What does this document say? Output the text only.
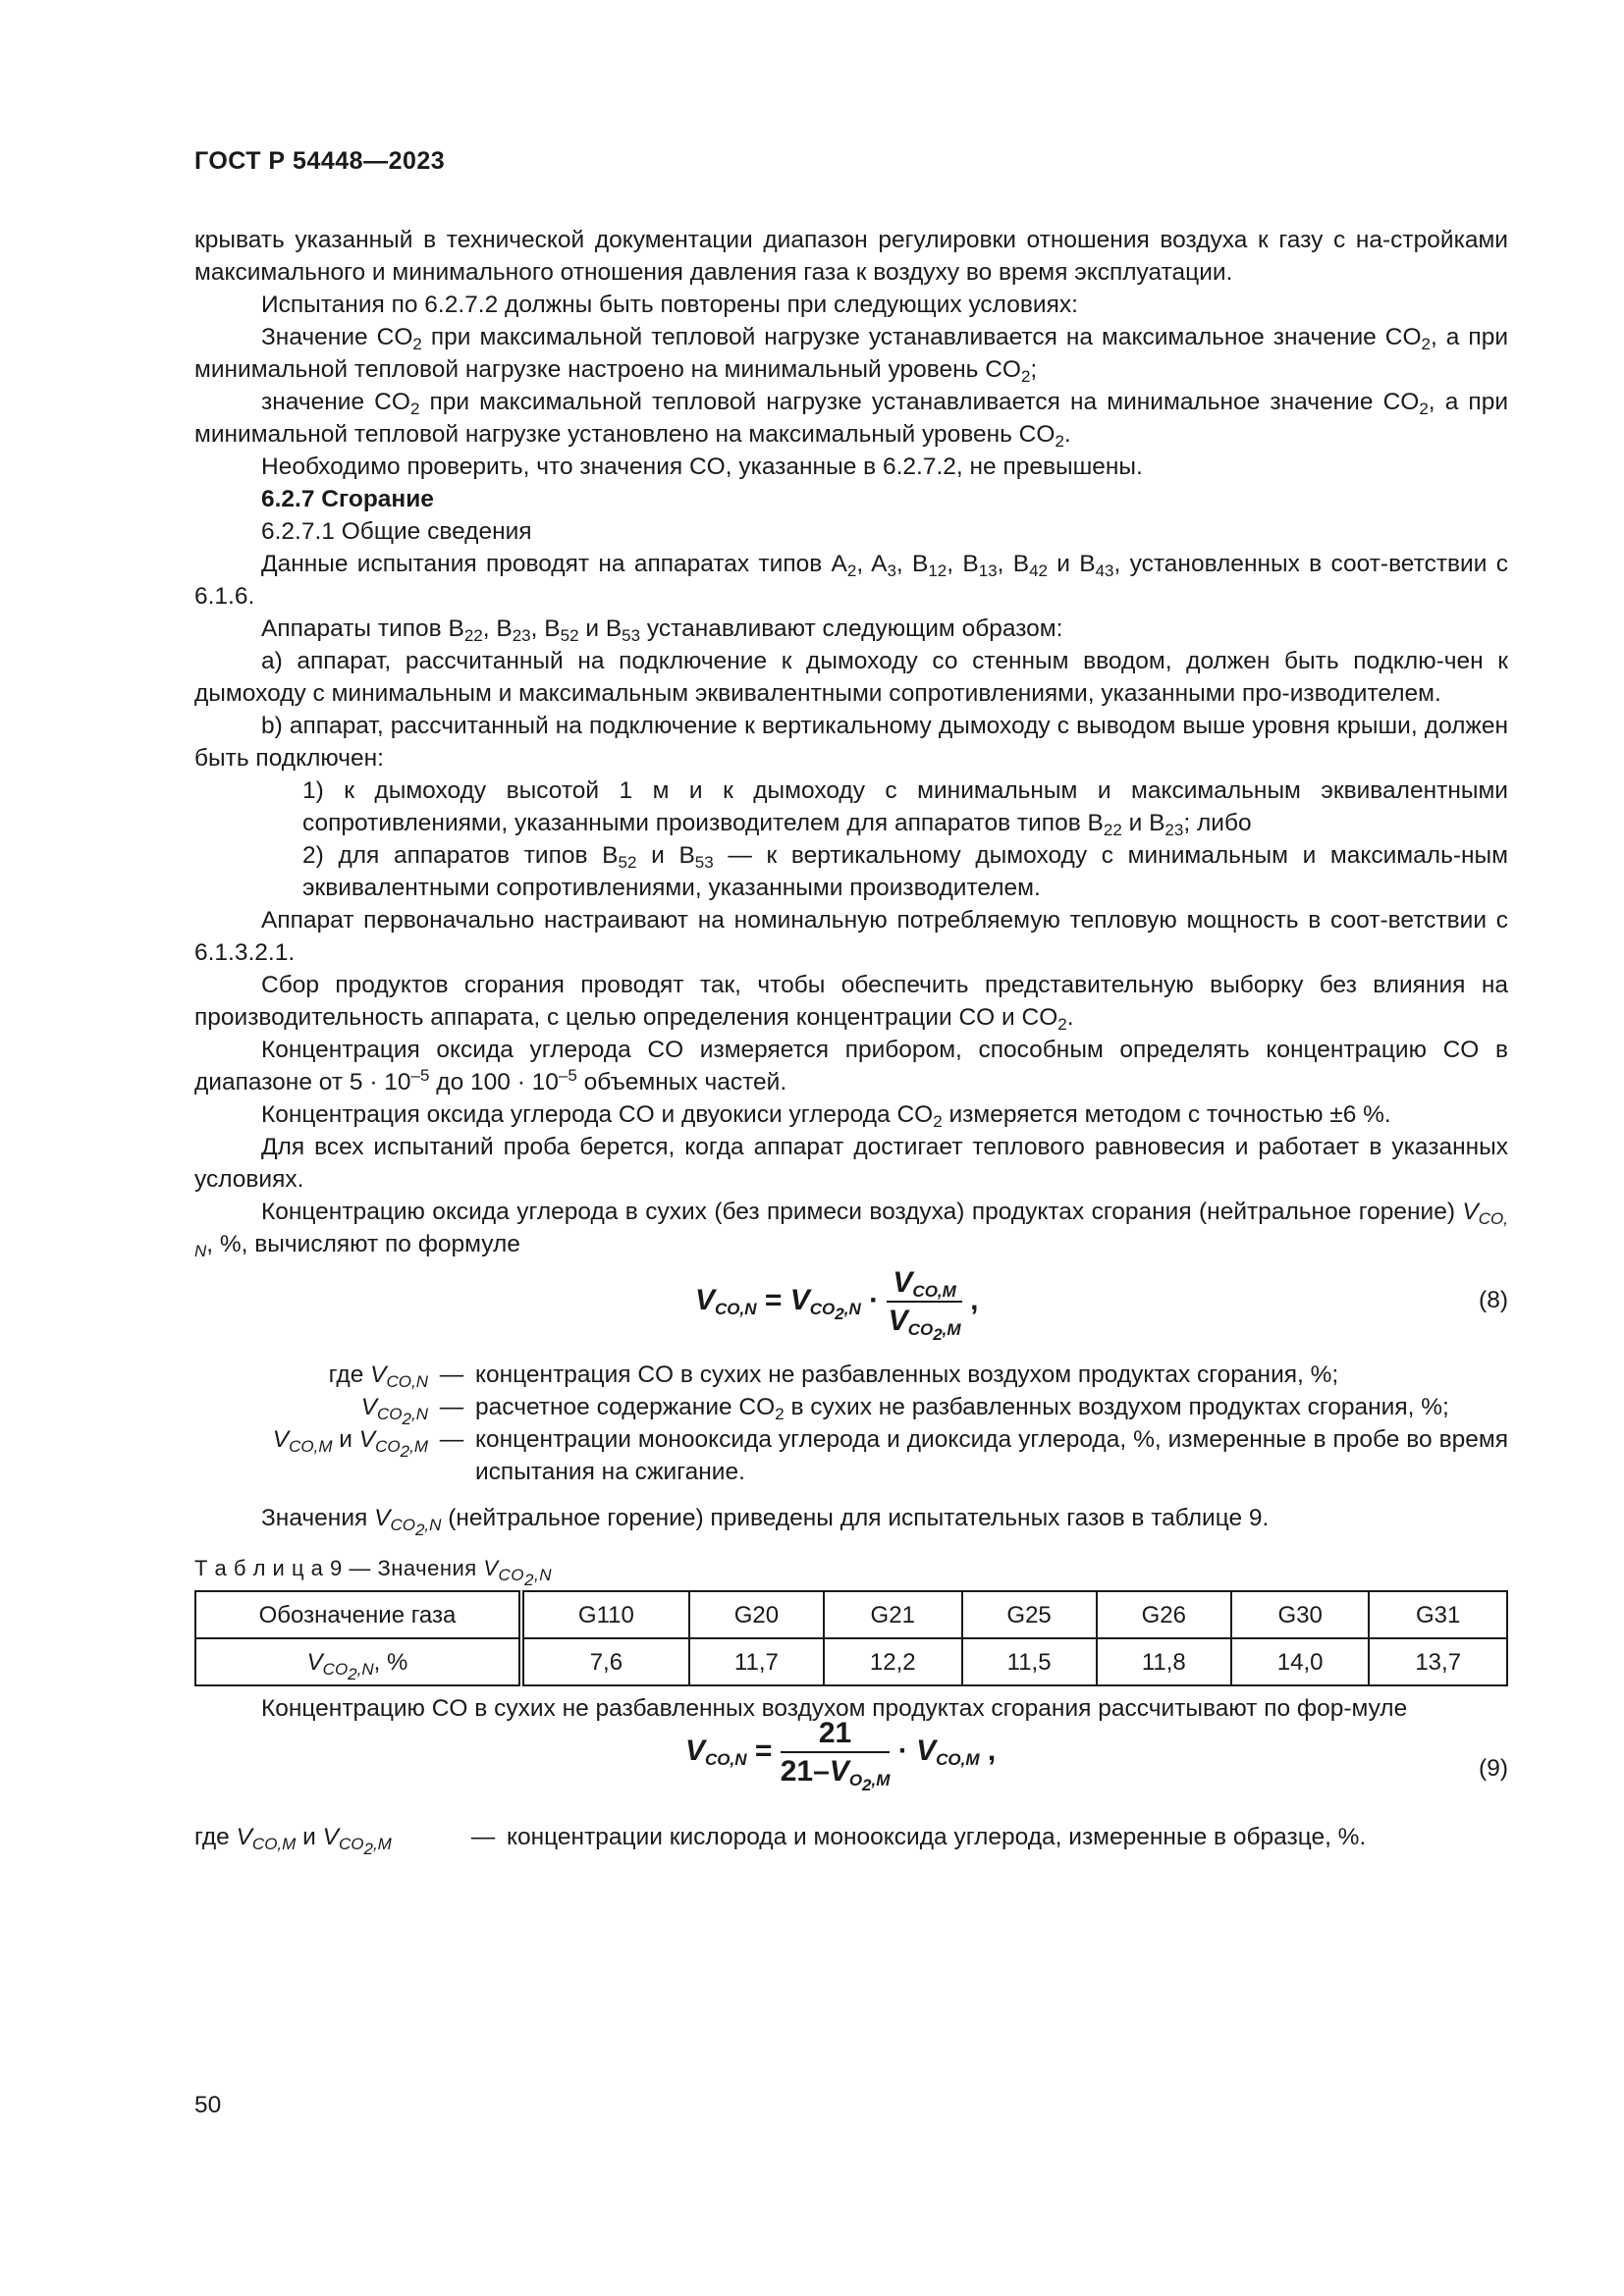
ГОСТ Р 54448—2023

крывать указанный в технической документации диапазон регулировки отношения воздуха к газу с на-стройками максимального и минимального отношения давления газа к воздуху во время эксплуатации.

Испытания по 6.2.7.2 должны быть повторены при следующих условиях:

Значение $CO_2$ при максимальной тепловой нагрузке устанавливается на максимальное значение $CO_2$, а при минимальной тепловой нагрузке настроено на минимальный уровень $CO_2$;

значение $CO_2$ при максимальной тепловой нагрузке устанавливается на минимальное значение $CO_2$, а при минимальной тепловой нагрузке установлено на максимальный уровень $CO_2$.

Необходимо проверить, что значения CO, указанные в 6.2.7.2, не превышены.

6.2.7 Сгорание

6.2.7.1 Общие сведения

Данные испытания проводят на аппаратах типов $A_2$, $A_3$, $B_{12}$, $B_{13}$, $B_{42}$ и $B_{43}$, установленных в соот-ветствии с 6.1.6.

Аппараты типов $B_{22}$, $B_{23}$, $B_{52}$ и $B_{53}$ устанавливают следующим образом:

a) аппарат, рассчитанный на подключение к дымоходу со стенным вводом, должен быть подклю-чен к дымоходу с минимальным и максимальным эквивалентными сопротивлениями, указанными про-изводителем.

b) аппарат, рассчитанный на подключение к вертикальному дымоходу с выводом выше уровня крыши, должен быть подключен:

1) к дымоходу высотой 1 м и к дымоходу с минимальным и максимальным эквивалентными сопротивлениями, указанными производителем для аппаратов типов $B_{22}$ и $B_{23}$; либо

2) для аппаратов типов $B_{52}$ и $B_{53}$ — к вертикальному дымоходу с минимальным и максималь-ным эквивалентными сопротивлениями, указанными производителем.

Аппарат первоначально настраивают на номинальную потребляемую тепловую мощность в соот-ветствии с 6.1.3.2.1.

Сбор продуктов сгорания проводят так, чтобы обеспечить представительную выборку без влияния на производительность аппарата, с целью определения концентрации CO и $CO_2$.

Концентрация оксида углерода CO измеряется прибором, способным определять концентрацию CO в диапазоне от $5 \cdot 10^{-5}$ до $100 \cdot 10^{-5}$ объемных частей.

Концентрация оксида углерода CO и двуокиси углерода $CO_2$ измеряется методом с точностью ±6 %.

Для всех испытаний проба берется, когда аппарат достигает теплового равновесия и работает в указанных условиях.

Концентрацию оксида углерода в сухих (без примеси воздуха) продуктах сгорания (нейтральное горение) $V_{CO, N}$, %, вычисляют по формуле

$V_{CO,N} = V_{CO_2,N} \cdot \frac{V_{CO,M}}{V_{CO_2,M}}$ ,	(8)
где $V_{CO,N}$ — концентрация CO в сухих не разбавленных воздухом продуктах сгорания, %;
$V_{CO_2,N}$ — расчетное содержание $CO_2$ в сухих не разбавленных воздухом продуктах сгорания, %;
$V_{CO,M}$ и $V_{CO_2,M}$ — концентрации монооксида углерода и диоксида углерода, %, измеренные в пробе во время испытания на сжигание.

Значения $V_{CO_2,N}$ (нейтральное горение) приведены для испытательных газов в таблице 9.

Т а б л и ц а 9 — Значения $V_{CO_2,N}$
Обозначение газа	G110	G20	G21	G25	G26	G30	G31
$V_{CO_2,N}$, %	7,6	11,7	12,2	11,5	11,8	14,0	13,7

Концентрацию CO в сухих не разбавленных воздухом продуктах сгорания рассчитывают по фор-муле

$V_{CO,N} = \frac{21}{21-V_{O_2,M}} \cdot V_{CO,M}$ ,
(9)
где $V_{CO,M}$ и $V_{CO_2,M}$	— концентрации кислорода и монооксида углерода, измеренные в образце, %.
50
